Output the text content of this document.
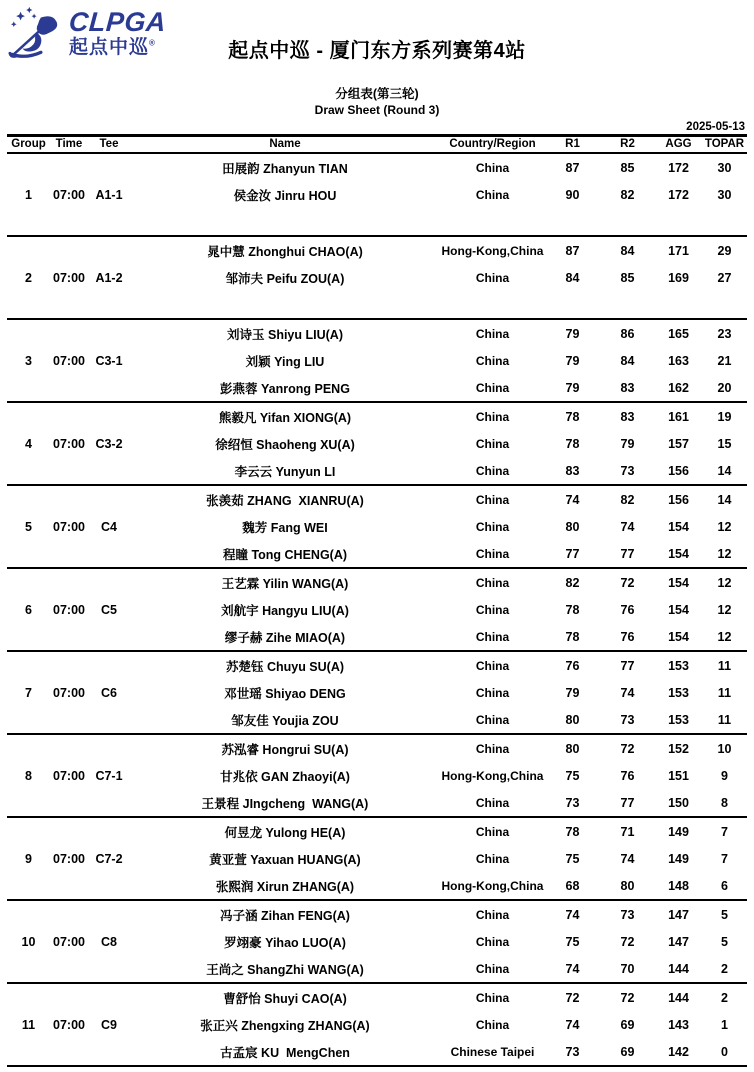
CLPGA
起点中巡®	起点中巡 - 厦门东方系列赛第4站
分组表(第三轮)
Draw Sheet (Round 3)
2025-05-13
Group	Time	Tee	Name	Country/Region	R1	R2	AGG	TOPAR
1	07:00	A1-1	田展韵 Zhanyun TIAN	China	87	85	172	30
			侯金汝 Jinru HOU	China	90	82	172	30

2	07:00	A1-2	晁中慧 Zhonghui CHAO(A)	Hong-Kong,China	87	84	171	29
			邹沛夫 Peifu ZOU(A)	China	84	85	169	27

3	07:00	C3-1	刘诗玉 Shiyu LIU(A)	China	79	86	165	23
			刘颖 Ying LIU	China	79	84	163	21
			彭燕蓉 Yanrong PENG	China	79	83	162	20
4	07:00	C3-2	熊毅凡 Yifan XIONG(A)	China	78	83	161	19
			徐绍恒 Shaoheng XU(A)	China	78	79	157	15
			李云云 Yunyun LI	China	83	73	156	14
5	07:00	C4	张羡茹 ZHANG  XIANRU(A)	China	74	82	156	14
			魏芳 Fang WEI	China	80	74	154	12
			程瞳 Tong CHENG(A)	China	77	77	154	12
6	07:00	C5	王艺霖 Yilin WANG(A)	China	82	72	154	12
			刘航宇 Hangyu LIU(A)	China	78	76	154	12
			缪子赫 Zihe MIAO(A)	China	78	76	154	12
7	07:00	C6	苏楚钰 Chuyu SU(A)	China	76	77	153	11
			邓世瑶 Shiyao DENG	China	79	74	153	11
			邹友佳 Youjia ZOU	China	80	73	153	11
8	07:00	C7-1	苏泓睿 Hongrui SU(A)	China	80	72	152	10
			甘兆依 GAN Zhaoyi(A)	Hong-Kong,China	75	76	151	9
			王景程 JIngcheng  WANG(A)	China	73	77	150	8
9	07:00	C7-2	何昱龙 Yulong HE(A)	China	78	71	149	7
			黄亚萱 Yaxuan HUANG(A)	China	75	74	149	7
			张熙润 Xirun ZHANG(A)	Hong-Kong,China	68	80	148	6
10	07:00	C8	冯子涵 Zihan FENG(A)	China	74	73	147	5
			罗翊豪 Yihao LUO(A)	China	75	72	147	5
			王尚之 ShangZhi WANG(A)	China	74	70	144	2
11	07:00	C9	曹舒怡 Shuyi CAO(A)	China	72	72	144	2
			张正兴 Zhengxing ZHANG(A)	China	74	69	143	1
			古孟宸 KU  MengChen	Chinese Taipei	73	69	142	0
